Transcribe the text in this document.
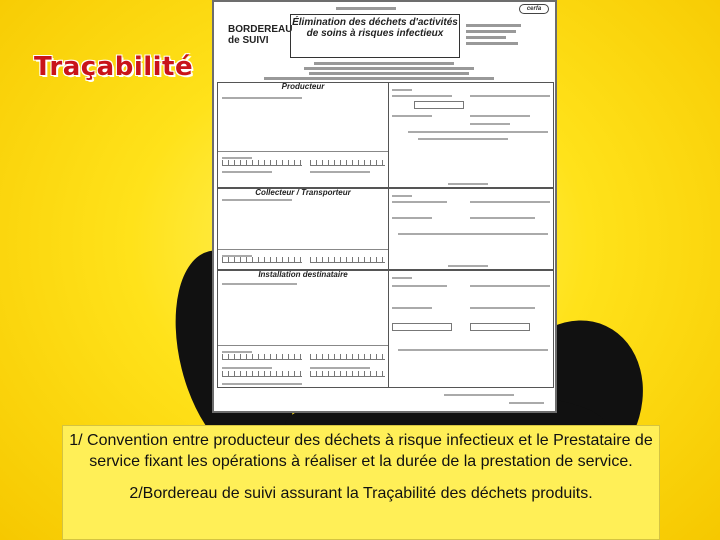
Traçabilité
cerfa
BORDEREAU
de SUIVI
Élimination des déchets d'activités de soins à risques infectieux
Producteur
Collecteur / Transporteur
Installation destinataire

1/ Convention entre producteur des déchets à risque infectieux et le Prestataire de service fixant les opérations à réaliser et la durée de la prestation de service.

2/Bordereau de suivi assurant la Traçabilité des déchets produits.
